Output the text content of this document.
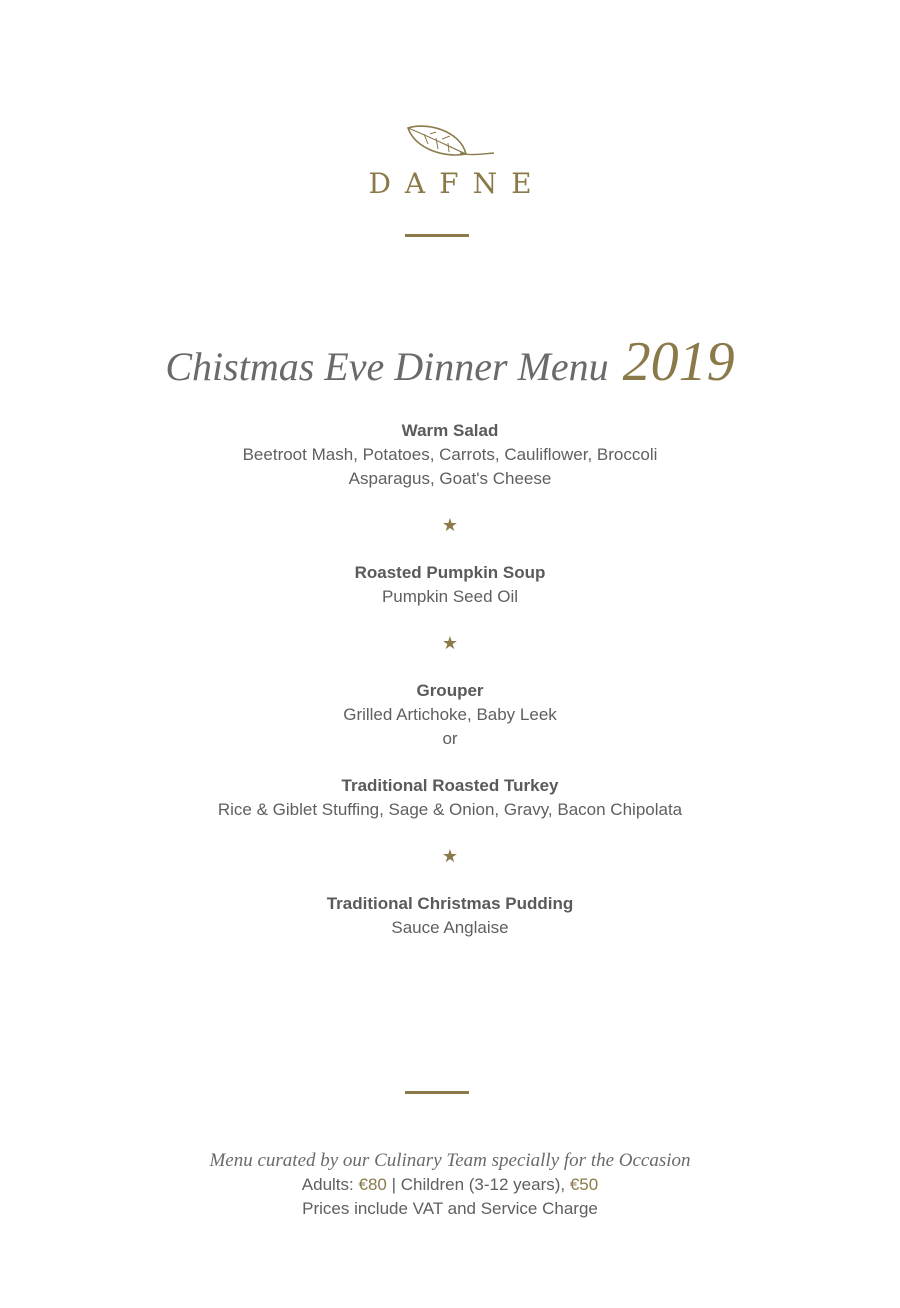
DAFNE
Chistmas Eve Dinner Menu 2019
Warm Salad
Beetroot Mash, Potatoes, Carrots, Cauliflower, Broccoli
Asparagus, Goat's Cheese
★
Roasted Pumpkin Soup
Pumpkin Seed Oil
★
Grouper
Grilled Artichoke, Baby Leek
or
Traditional Roasted Turkey
Rice & Giblet Stuffing, Sage & Onion, Gravy, Bacon Chipolata
★
Traditional Christmas Pudding
Sauce Anglaise
Menu curated by our Culinary Team specially for the Occasion
Adults: €80 | Children (3-12 years), €50
Prices include VAT and Service Charge
